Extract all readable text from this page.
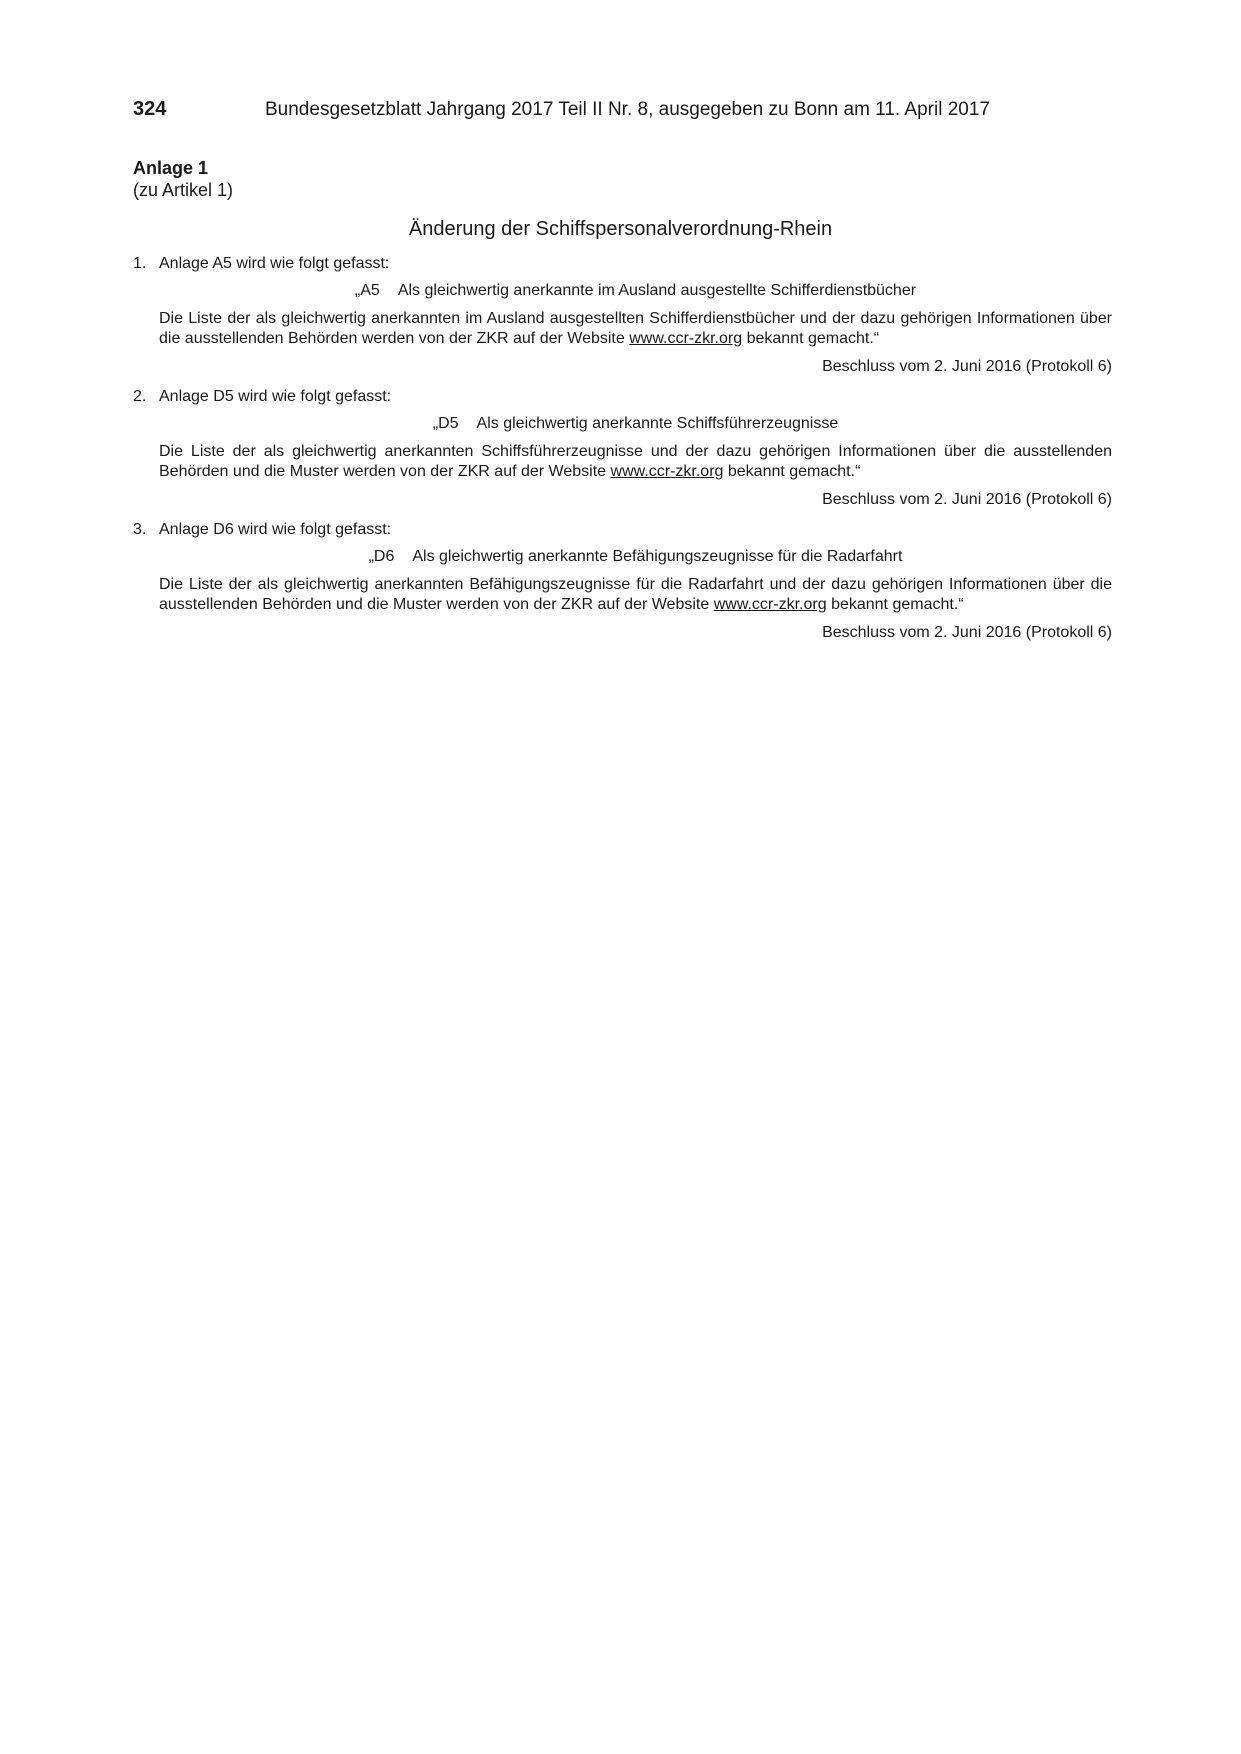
324	Bundesgesetzblatt Jahrgang 2017 Teil II Nr. 8, ausgegeben zu Bonn am 11. April 2017
Anlage 1
(zu Artikel 1)
Änderung der Schiffspersonalverordnung-Rhein
1. Anlage A5 wird wie folgt gefasst:
„A5 Als gleichwertig anerkannte im Ausland ausgestellte Schifferdienstbücher
Die Liste der als gleichwertig anerkannten im Ausland ausgestellten Schifferdienstbücher und der dazu gehörigen Informationen über die ausstellenden Behörden werden von der ZKR auf der Website www.ccr-zkr.org bekannt gemacht.“
Beschluss vom 2. Juni 2016 (Protokoll 6)
2. Anlage D5 wird wie folgt gefasst:
„D5 Als gleichwertig anerkannte Schiffsführerzeugnisse
Die Liste der als gleichwertig anerkannten Schiffsführerzeugnisse und der dazu gehörigen Informationen über die ausstellenden Behörden und die Muster werden von der ZKR auf der Website www.ccr-zkr.org bekannt gemacht.“
Beschluss vom 2. Juni 2016 (Protokoll 6)
3. Anlage D6 wird wie folgt gefasst:
„D6 Als gleichwertig anerkannte Befähigungszeugnisse für die Radarfahrt
Die Liste der als gleichwertig anerkannten Befähigungszeugnisse für die Radarfahrt und der dazu gehörigen Informationen über die ausstellenden Behörden und die Muster werden von der ZKR auf der Website www.ccr-zkr.org bekannt gemacht.“
Beschluss vom 2. Juni 2016 (Protokoll 6)
